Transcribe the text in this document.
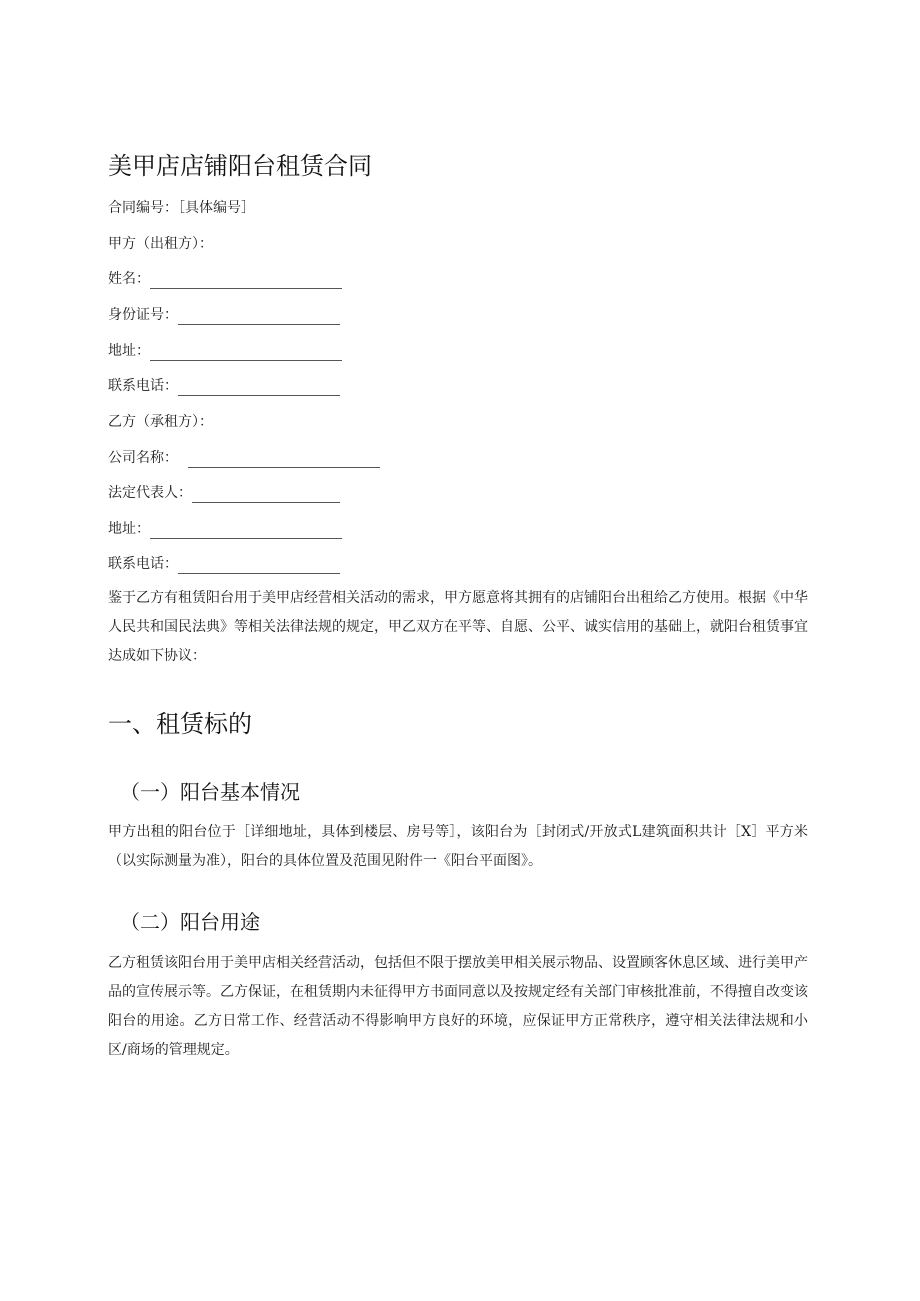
美甲店店铺阳台租赁合同
合同编号：［具体编号］
甲方（出租方）：
姓名：
身份证号：
地址：
联系电话：
乙方（承租方）：
公司名称：
法定代表人：
地址：
联系电话：

鉴于乙方有租赁阳台用于美甲店经营相关活动的需求，甲方愿意将其拥有的店铺阳台出租给乙方使用。根据《中华人民共和国民法典》等相关法律法规的规定，甲乙双方在平等、自愿、公平、诚实信用的基础上，就阳台租赁事宜达成如下协议：

一、租赁标的
（一）阳台基本情况

甲方出租的阳台位于［详细地址，具体到楼层、房号等］，该阳台为［封闭式/开放式L建筑面积共计［X］平方米（以实际测量为准），阳台的具体位置及范围见附件一《阳台平面图》。

（二）阳台用途

乙方租赁该阳台用于美甲店相关经营活动，包括但不限于摆放美甲相关展示物品、设置顾客休息区域、进行美甲产品的宣传展示等。乙方保证，在租赁期内未征得甲方书面同意以及按规定经有关部门审核批准前，不得擅自改变该阳台的用途。乙方日常工作、经营活动不得影响甲方良好的环境，应保证甲方正常秩序，遵守相关法律法规和小区/商场的管理规定。
